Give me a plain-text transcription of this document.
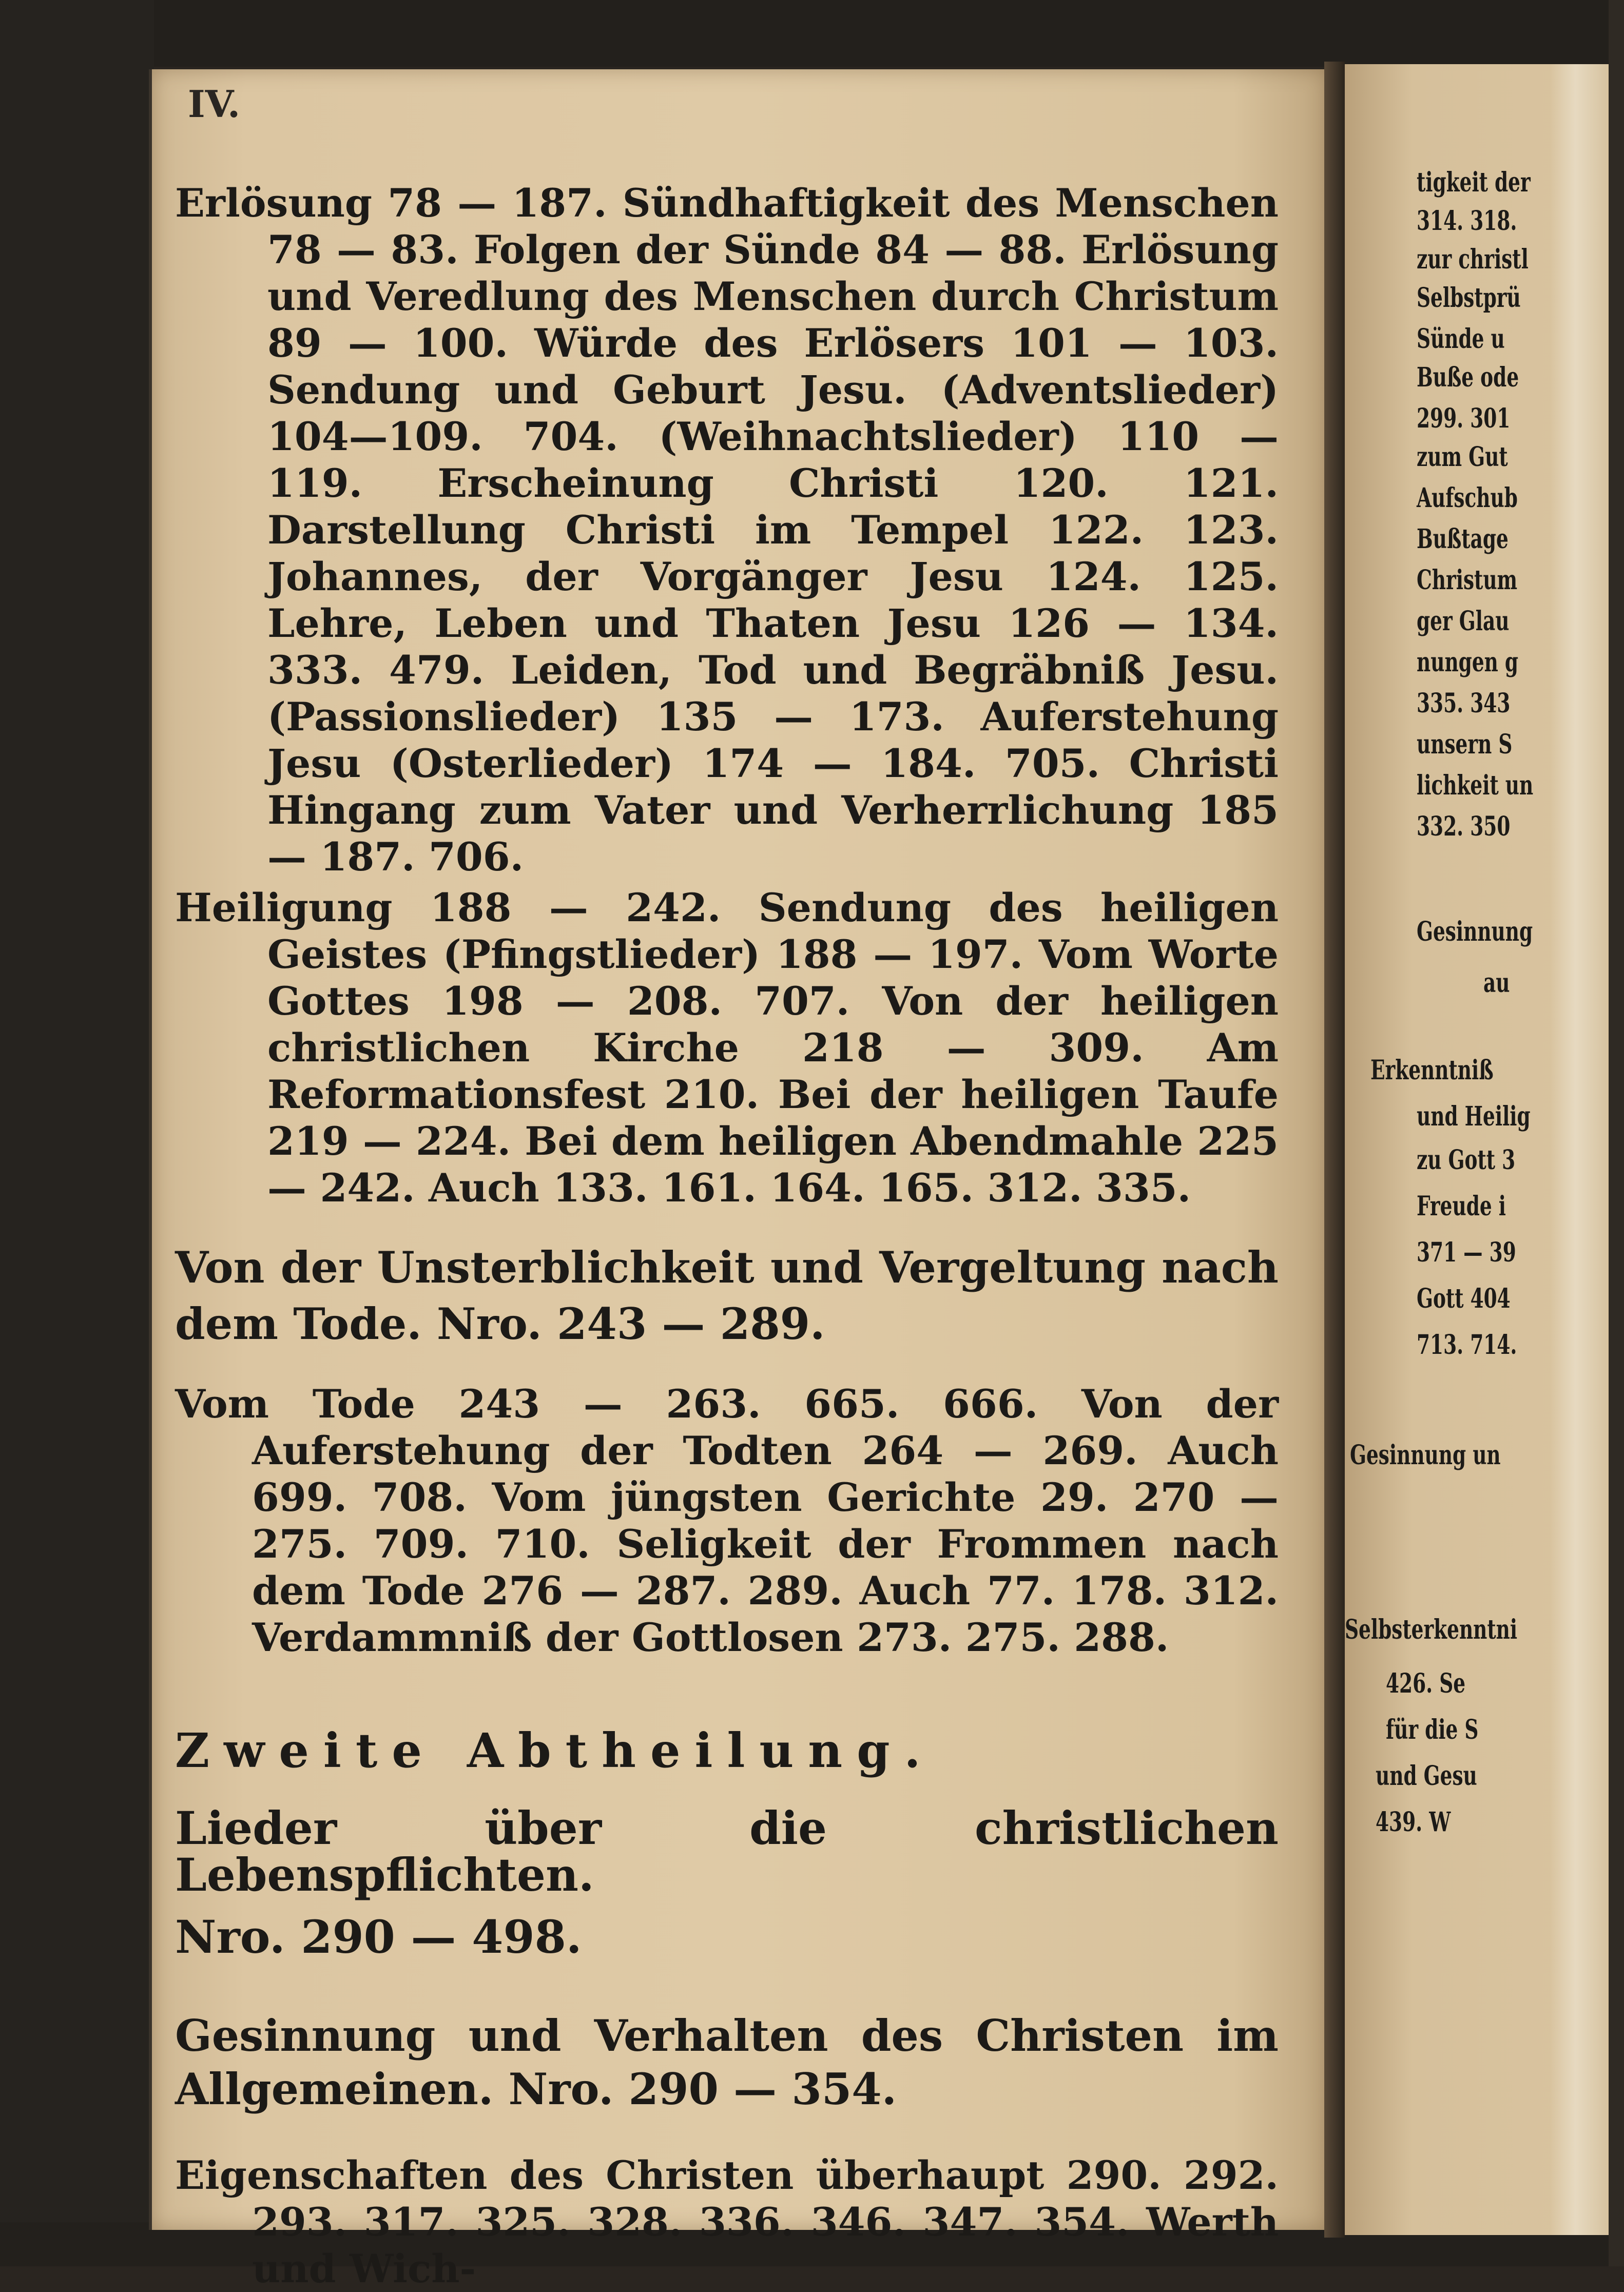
IV.

Erlösung 78 — 187. Sündhaftigkeit des Menschen 78 — 83. Folgen der Sünde 84 — 88. Erlösung und Veredlung des Menschen durch Christum 89 — 100. Würde des Erlösers 101 — 103. Sendung und Geburt Jesu. (Adventslieder) 104—109. 704. (Weihnachtslieder) 110 — 119. Erscheinung Christi 120. 121. Darstellung Christi im Tempel 122. 123. Johannes, der Vorgänger Jesu 124. 125. Lehre, Leben und Thaten Jesu 126 — 134. 333. 479. Leiden, Tod und Begräbniß Jesu. (Passionslieder) 135 — 173. Auferstehung Jesu (Osterlieder) 174 — 184. 705. Christi Hingang zum Vater und Verherrlichung 185 — 187. 706.

Heiligung 188 — 242. Sendung des heiligen Geistes (Pfingstlieder) 188 — 197. Vom Worte Gottes 198 — 208. 707. Von der heiligen christlichen Kirche 218 — 309. Am Reformationsfest 210. Bei der heiligen Taufe 219 — 224. Bei dem heiligen Abendmahle 225 — 242. Auch 133. 161. 164. 165. 312. 335.

Von der Unsterblichkeit und Vergeltung nach dem Tode. Nro. 243 — 289.

Vom Tode 243 — 263. 665. 666. Von der Auferstehung der Todten 264 — 269. Auch 699. 708. Vom jüngsten Gerichte 29. 270 — 275. 709. 710. Seligkeit der Frommen nach dem Tode 276 — 287. 289. Auch 77. 178. 312. Verdammniß der Gottlosen 273. 275. 288.

Zweite Abtheilung.

Lieder über die christlichen Lebenspflichten.

Nro. 290 — 498.

Gesinnung und Verhalten des Christen im Allgemeinen. Nro. 290 — 354.

Eigenschaften des Christen überhaupt 290. 292. 293. 317. 325. 328. 336. 346. 347. 354. Werth und Wich-

tigkeit der
314. 318.
zur christl
Selbstprü
Sünde u
Buße ode
299. 301
zum Gut
Aufschub
Bußtage
Christum
ger Glau
nungen g
335. 343
unsern S
lichkeit un
332. 350
Gesinnung
au
Erkenntniß
und Heilig
zu Gott 3
Freude i
371 — 39
Gott 404
713. 714.
Gesinnung un
Selbsterkenntni
426. Se
für die S
und Gesu
439. W
